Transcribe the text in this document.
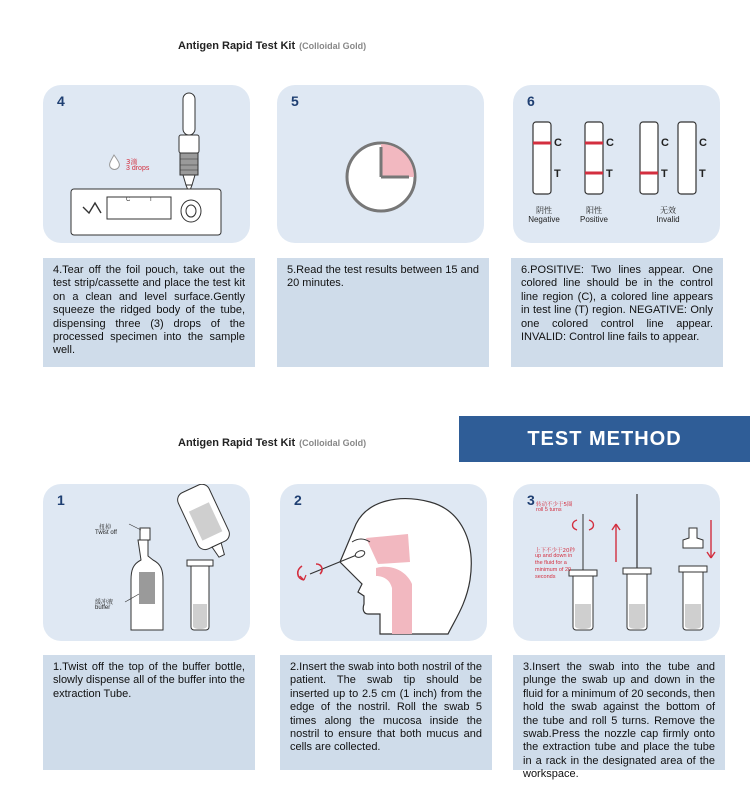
Antigen Rapid Test Kit (Colloidal Gold)
4
3滴
3 drops
C	T
5	6
C
T
C
T
C
T
C
T
阴性
Negative
阳性
Positive
无效
Invalid
4.Tear off the foil pouch, take out the test strip/cassette and place the test kit on a clean and level surface.Gently squeeze the ridged body of the tube, dispensing three (3) drops of the processed specimen into the sample well.
5.Read the test results between 15 and 20 minutes.
6.POSITIVE: Two lines appear. One colored line should be in the control line region (C), a colored line appears in test line (T) region. NEGATIVE: Only one colored control line appear. INVALID: Control line fails to appear.
TEST METHOD
Antigen Rapid Test Kit (Colloidal Gold)
1
扭掉
Twist off
缓冲液
buffer
2	3 转动不少于5圈
roll 5 turns
上下不少于20秒
up and down in
the fluid for a
minimum of 20
seconds
1.Twist off the top of the buffer bottle, slowly dispense all of the buffer into the extraction Tube.
2.Insert the swab into both nostril of the patient. The swab tip should be inserted up to 2.5 cm (1 inch) from the edge of the nostril. Roll the swab 5 times along the mucosa inside the nostril to ensure that both mucus and cells are collected.
3.Insert the swab into the tube and plunge the swab up and down in the fluid for a minimum of 20 seconds, then hold the swab against the bottom of the tube and roll 5 turns. Remove the swab.Press the nozzle cap firmly onto the extraction tube and place the tube in a rack in the designated area of the workspace.
